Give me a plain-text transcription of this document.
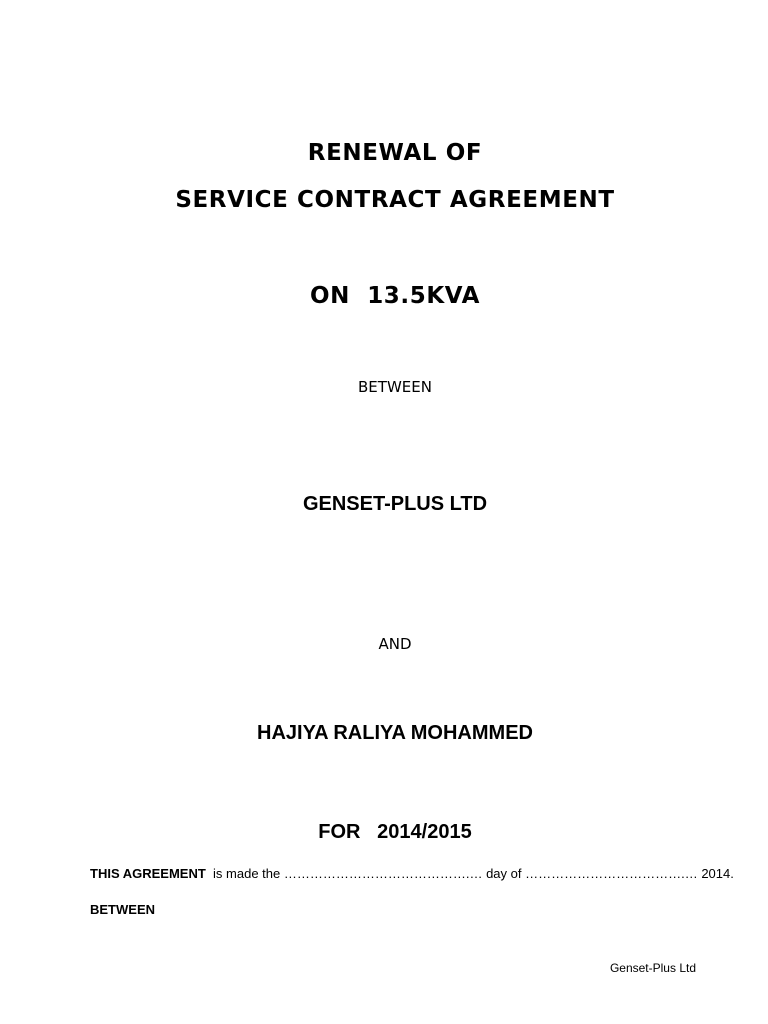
RENEWAL OF
SERVICE CONTRACT AGREEMENT
ON  13.5KVA
BETWEEN
GENSET-PLUS LTD
AND
HAJIYA RALIYA MOHAMMED
FOR   2014/2015
THIS AGREEMENT  is made the …………………………………….… day of ……………………………….… 2014.
BETWEEN
Genset-Plus Ltd
